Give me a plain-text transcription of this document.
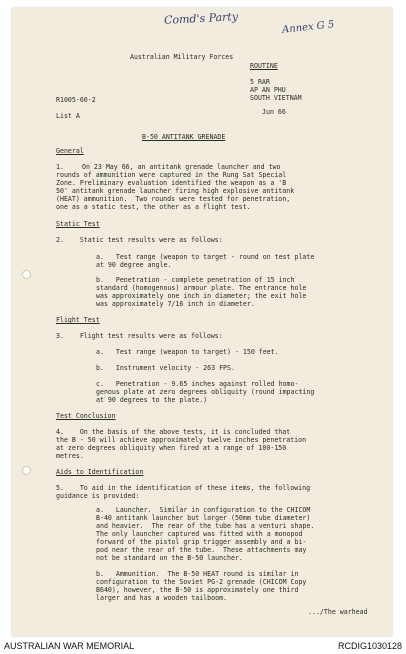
Comd's Party
Annex G 5
Australian Military Forces
ROUTINE
5 RAR
AP AN PHU
SOUTH VIETNAM
Jun 66
R1005-60-2
List A
B-50 ANTITANK GRENADE
General
1.	On 23 May 66, an antitank grenade launcher and two
rounds of ammunition were captured in the Rung Sat Special
Zone. Preliminary evaluation identified the weapon as a 'B
50' antitank grenade launcher firing high explosive antitank
(HEAT) ammunition.  Two rounds were tested for penetration,
one as a static test, the other as a flight test.
Static Test
2.    Static test results were as follows:
a.   Test range (weapon to target - round on test plate
at 90 degree angle.
b.   Penetration - complete penetration of 15 inch
standard (homogenous) armour plate. The entrance hole
was approximately one inch in diameter; the exit hole
was approximately 7/16 inch in diameter.
Flight Test
3.    Flight test results were as follows:
a.   Test range (weapon to target) - 150 feet.
b.   Instrument velocity - 263 FPS.
c.   Penetration - 9.65 inches against rolled homo-
genous plate at zero degrees obliquity (round impacting
at 90 degrees to the plate.)
Test Conclusion
4.    On the basis of the above tests, it is concluded that
the B - 50 will achieve approximately twelve inches penetration
at zero degrees obliquity when fired at a range of 100-150
metres.
Aids to Identification
5.    To aid in the identification of these items, the following
guidance is provided:
a.   Launcher.  Similar in configuration to the CHICOM
B-40 antitank launcher but larger (50mm tube diameter)
and heavier.  The rear of the tube has a venturi shape.
The only launcher captured was fitted with a monopod
forward of the pistol grip trigger assembly and a bi-
pod near the rear of the tube.  These attachments may
not be standard on the B-50 launcher.
b.   Ammunition.  The B-50 HEAT round is similar in
configuration to the Soviet PG-2 grenade (CHICOM Copy
B640), however, the B-50 is approximately one third
larger and has a wooden tailboom.
.../The warhead
AUSTRALIAN WAR MEMORIAL	RCDIG1030128
